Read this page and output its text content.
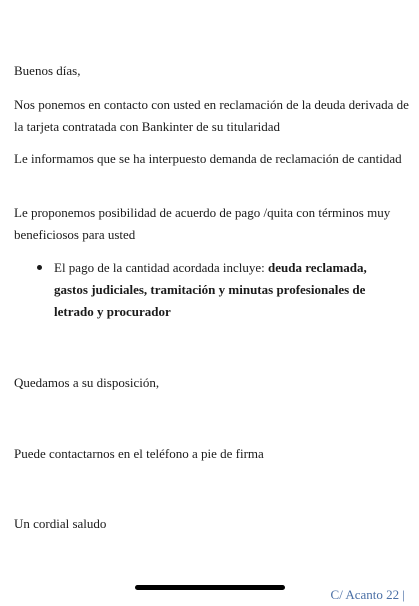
Buenos días,

Nos ponemos en contacto con usted en reclamación de la deuda derivada de la tarjeta contratada con Bankinter de su titularidad

Le informamos que se ha interpuesto demanda de reclamación de cantidad

Le proponemos posibilidad de acuerdo de pago /quita con términos muy beneficiosos para usted

El pago de la cantidad acordada incluye: deuda reclamada, gastos judiciales, tramitación y minutas profesionales de letrado y procurador

Quedamos a su disposición,

Puede contactarnos en el teléfono a pie de firma

Un cordial saludo

C/ Acanto 22 |
